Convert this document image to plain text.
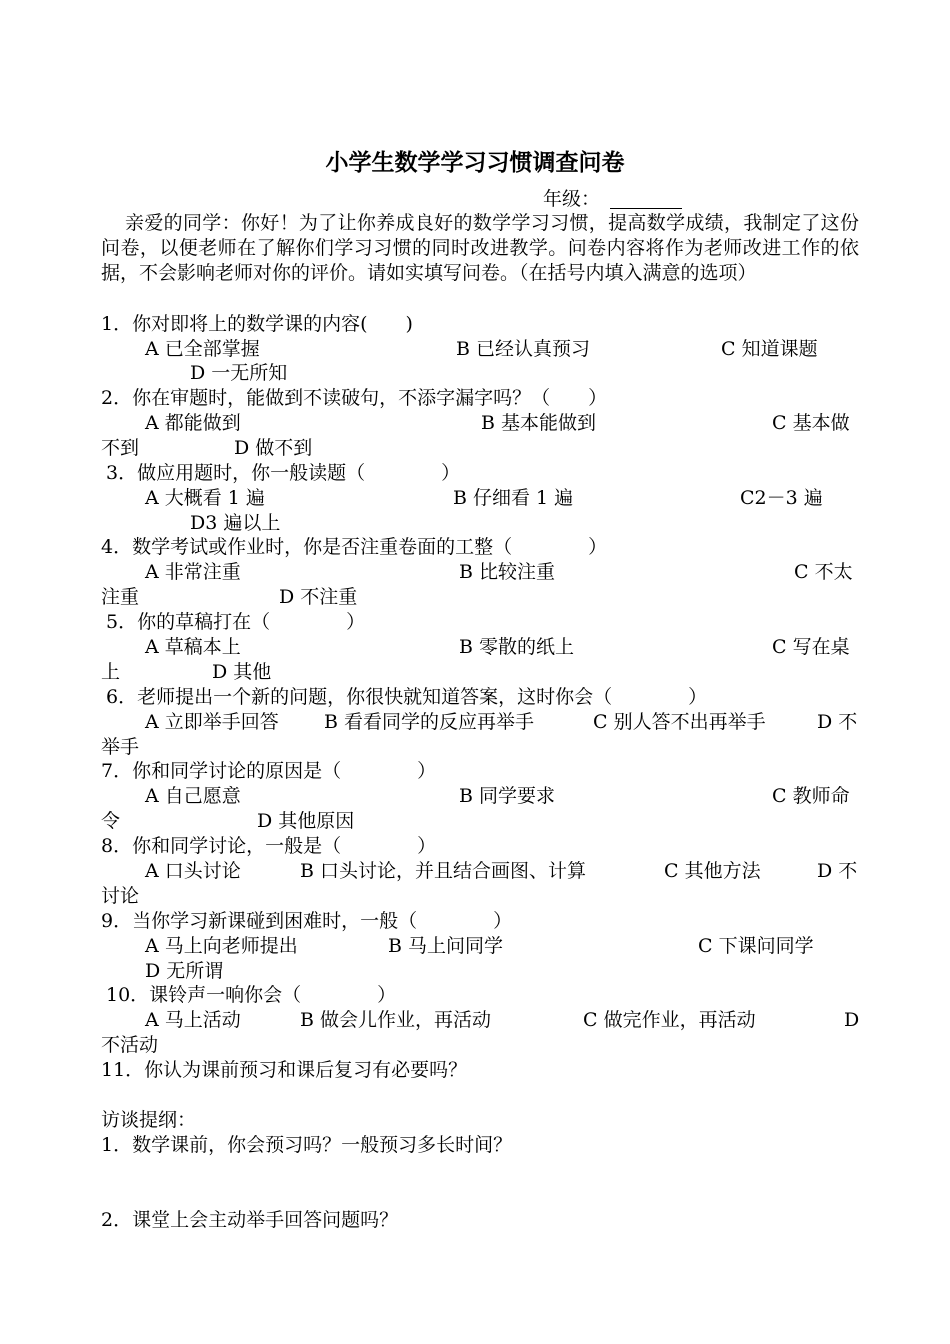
小学生数学学习习惯调查问卷
年级：
亲爱的同学：你好！为了让你养成良好的数学学习习惯，提高数学成绩，我制定了这份问卷，以便老师在了解你们学习习惯的同时改进教学。问卷内容将作为老师改进工作的依据，不会影响老师对你的评价。请如实填写问卷。（在括号内填入满意的选项）
1．你对即将上的数学课的内容(　　)
A 已全部掌握	B 已经认真预习	C 知道课题
D 一无所知
2．你在审题时，能做到不读破句，不添字漏字吗？（　　）
A 都能做到	B 基本能做到	C 基本做
不到	D 做不到
3．做应用题时，你一般读题（　　　　）
A 大概看 1 遍	B 仔细看 1 遍	C2－3 遍
D3 遍以上
4．数学考试或作业时，你是否注重卷面的工整（　　　　）
A 非常注重	B 比较注重	C 不太
注重	D 不注重
5．你的草稿打在（　　　　）
A 草稿本上	B 零散的纸上	C 写在桌
上	D 其他
6．老师提出一个新的问题，你很快就知道答案，这时你会（　　　　）
A 立即举手回答 B 看看同学的反应再举手	C 别人答不出再举手	D 不
举手
7．你和同学讨论的原因是（　　　　）
A 自己愿意	B 同学要求	C 教师命
令	D 其他原因
8．你和同学讨论，一般是（　　　　）
A 口头讨论	B 口头讨论，并且结合画图、计算	C 其他方法	D 不
讨论
9．当你学习新课碰到困难时，一般（　　　　）
A 马上向老师提出	B 马上问同学	C 下课问同学
D 无所谓
10．课铃声一响你会（　　　　）
A 马上活动	B 做会儿作业，再活动	C 做完作业，再活动	D
不活动
11．你认为课前预习和课后复习有必要吗？
访谈提纲：
1．数学课前，你会预习吗？一般预习多长时间？
2．课堂上会主动举手回答问题吗？
